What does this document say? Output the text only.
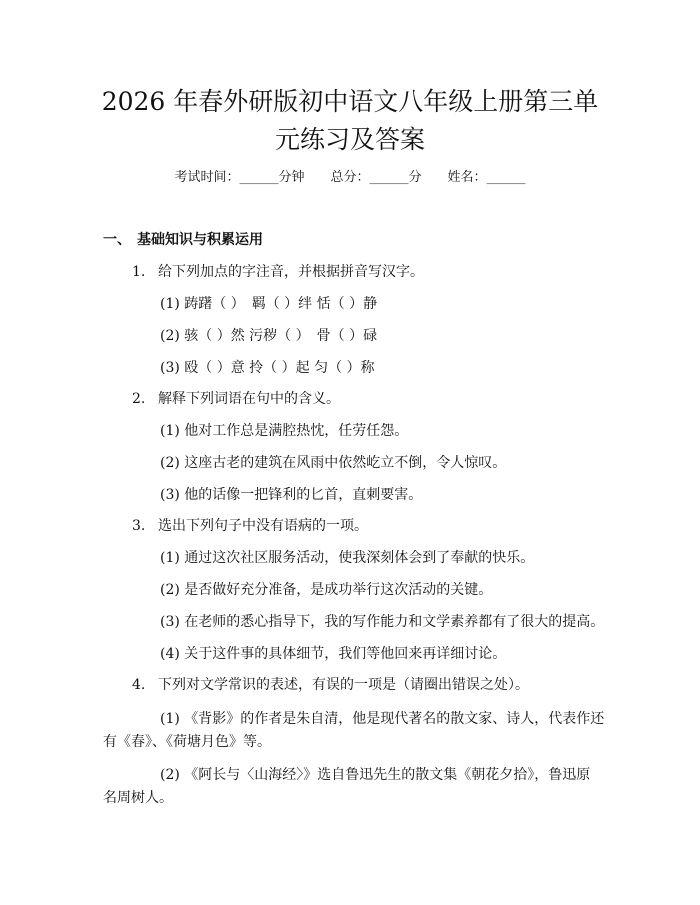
2026 年春外研版初中语文八年级上册第三单
元练习及答案
考试时间：______分钟　　总分：______分　　姓名：______
一、 基础知识与积累运用
1. 给下列加点的字注音，并根据拼音写汉字。
(1) 踌躇（ ）　羁（ ）绊 恬（ ）静
(2) 骇（ ）然 污秽（ ）　骨（ ）碌
(3) 殴（ ）意 拎（ ）起 匀（ ）称
2. 解释下列词语在句中的含义。
(1) 他对工作总是满腔热忱，任劳任怨。
(2) 这座古老的建筑在风雨中依然屹立不倒，令人惊叹。
(3) 他的话像一把锋利的匕首，直刺要害。
3. 选出下列句子中没有语病的一项。
(1) 通过这次社区服务活动，使我深刻体会到了奉献的快乐。
(2) 是否做好充分准备，是成功举行这次活动的关键。
(3) 在老师的悉心指导下，我的写作能力和文学素养都有了很大的提高。
(4) 关于这件事的具体细节，我们等他回来再详细讨论。
4. 下列对文学常识的表述，有误的一项是（请圈出错误之处）。
(1) 《背影》的作者是朱自清，他是现代著名的散文家、诗人，代表作还
有《春》、《荷塘月色》等。
(2) 《阿长与〈山海经〉》选自鲁迅先生的散文集《朝花夕拾》，鲁迅原
名周树人。
